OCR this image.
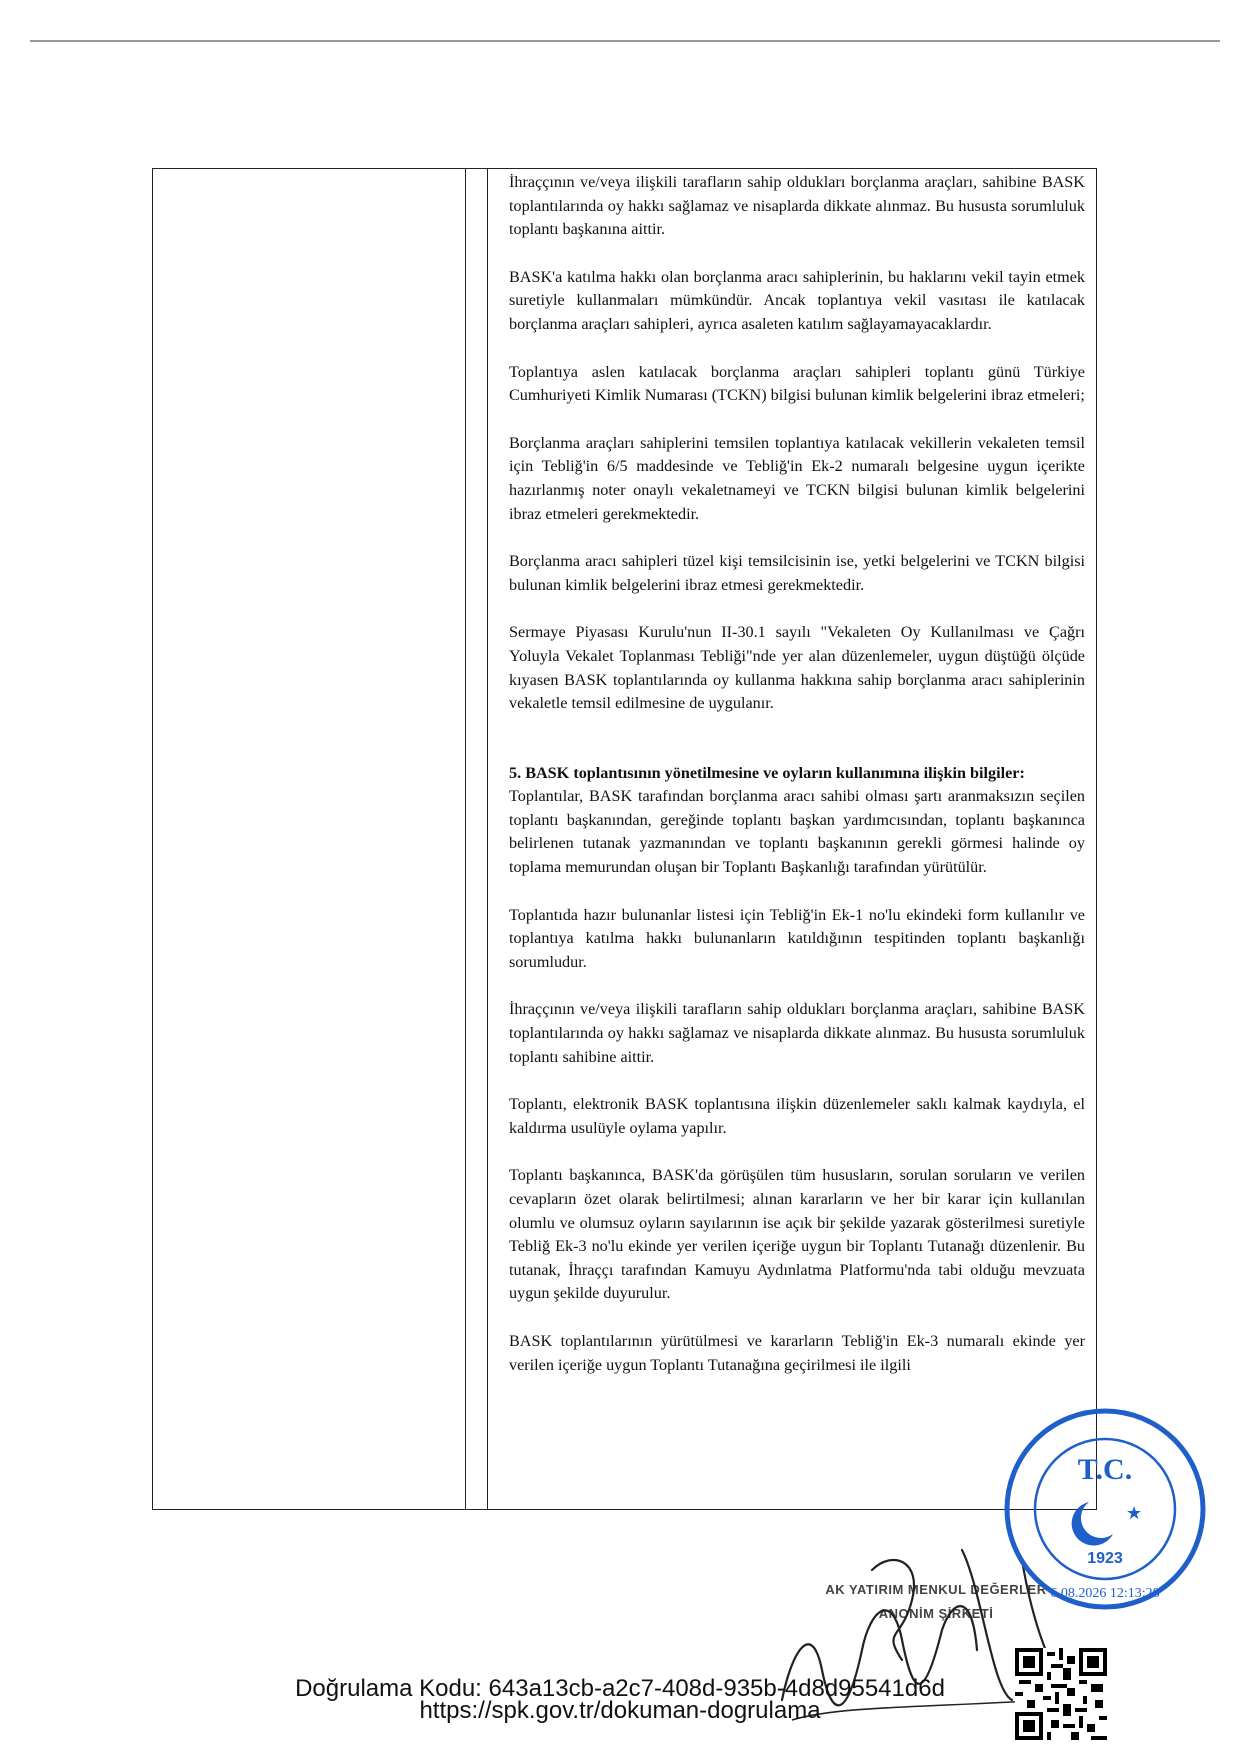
İhraççının ve/veya ilişkili tarafların sahip oldukları borçlanma araçları, sahibine BASK toplantılarında oy hakkı sağlamaz ve nisaplarda dikkate alınmaz. Bu hususta sorumluluk toplantı başkanına aittir.

BASK'a katılma hakkı olan borçlanma aracı sahiplerinin, bu haklarını vekil tayin etmek suretiyle kullanmaları mümkündür. Ancak toplantıya vekil vasıtası ile katılacak borçlanma araçları sahipleri, ayrıca asaleten katılım sağlayamayacaklardır.

Toplantıya aslen katılacak borçlanma araçları sahipleri toplantı günü Türkiye Cumhuriyeti Kimlik Numarası (TCKN) bilgisi bulunan kimlik belgelerini ibraz etmeleri;

Borçlanma araçları sahiplerini temsilen toplantıya katılacak vekillerin vekaleten temsil için Tebliğ'in 6/5 maddesinde ve Tebliğ'in Ek-2 numaralı belgesine uygun içerikte hazırlanmış noter onaylı vekaletnameyi ve TCKN bilgisi bulunan kimlik belgelerini ibraz etmeleri gerekmektedir.

Borçlanma aracı sahipleri tüzel kişi temsilcisinin ise, yetki belgelerini ve TCKN bilgisi bulunan kimlik belgelerini ibraz etmesi gerekmektedir.

Sermaye Piyasası Kurulu'nun II-30.1 sayılı "Vekaleten Oy Kullanılması ve Çağrı Yoluyla Vekalet Toplanması Tebliği"nde yer alan düzenlemeler, uygun düştüğü ölçüde kıyasen BASK toplantılarında oy kullanma hakkına sahip borçlanma aracı sahiplerinin vekaletle temsil edilmesine de uygulanır.

5. BASK toplantısının yönetilmesine ve oyların kullanımına ilişkin bilgiler:

Toplantılar, BASK tarafından borçlanma aracı sahibi olması şartı aranmaksızın seçilen toplantı başkanından, gereğinde toplantı başkan yardımcısından, toplantı başkanınca belirlenen tutanak yazmanından ve toplantı başkanının gerekli görmesi halinde oy toplama memurundan oluşan bir Toplantı Başkanlığı tarafından yürütülür.

Toplantıda hazır bulunanlar listesi için Tebliğ'in Ek-1 no'lu ekindeki form kullanılır ve toplantıya katılma hakkı bulunanların katıldığının tespitinden toplantı başkanlığı sorumludur.

İhraççının ve/veya ilişkili tarafların sahip oldukları borçlanma araçları, sahibine BASK toplantılarında oy hakkı sağlamaz ve nisaplarda dikkate alınmaz. Bu hususta sorumluluk toplantı sahibine aittir.

Toplantı, elektronik BASK toplantısına ilişkin düzenlemeler saklı kalmak kaydıyla, el kaldırma usulüyle oylama yapılır.

Toplantı başkanınca, BASK'da görüşülen tüm hususların, sorulan soruların ve verilen cevapların özet olarak belirtilmesi; alınan kararların ve her bir karar için kullanılan olumlu ve olumsuz oyların sayılarının ise açık bir şekilde yazarak gösterilmesi suretiyle Tebliğ Ek-3 no'lu ekinde yer verilen içeriğe uygun bir Toplantı Tutanağı düzenlenir. Bu tutanak, İhraççı tarafından Kamuyu Aydınlatma Platformu'nda tabi olduğu mevzuata uygun şekilde duyurulur.

BASK toplantılarının yürütülmesi ve kararların Tebliğ'in Ek-3 numaralı ekinde yer verilen içeriğe uygun Toplantı Tutanağına geçirilmesi ile ilgili

AK YATIRIM MENKUL DEĞERLER
ANONİM ŞİRKETİ
T.C.
★
1923
6.08.2026 12:13:28
Doğrulama Kodu: 643a13cb-a2c7-408d-935b-4d8d95541d6d
https://spk.gov.tr/dokuman-dogrulama
